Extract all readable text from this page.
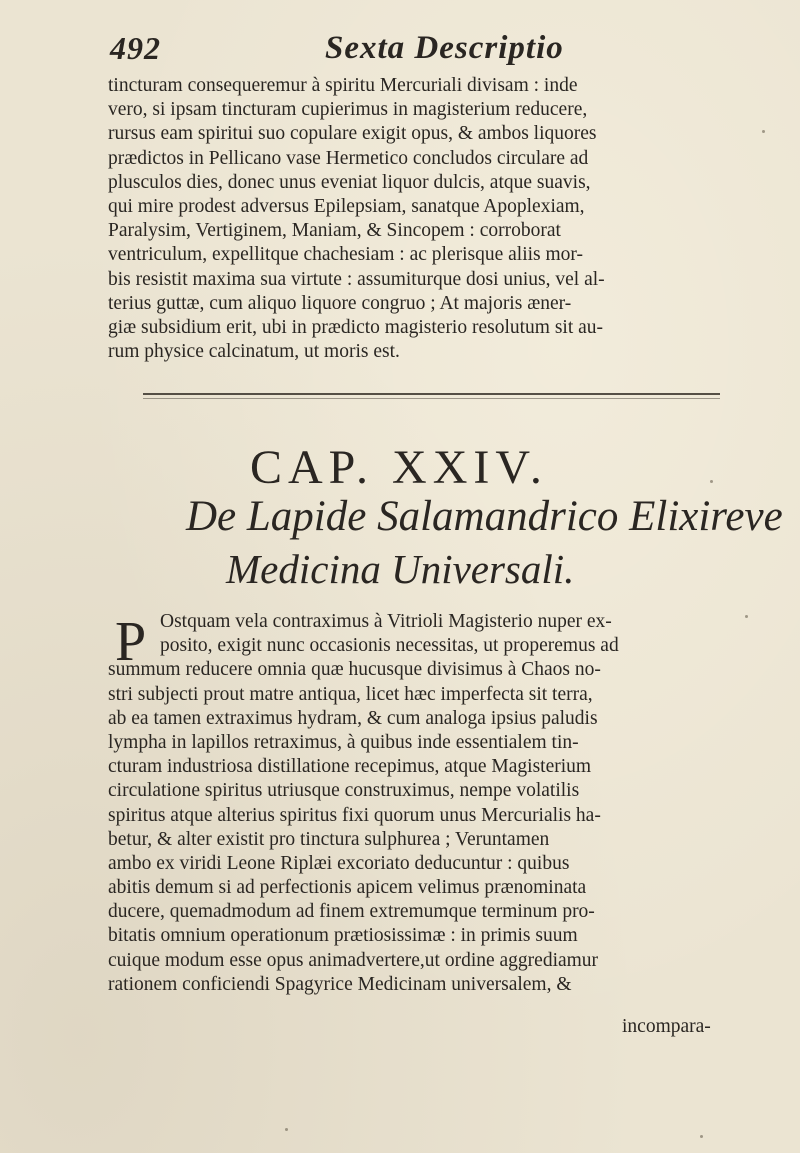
492	Sexta Descriptio
tincturam consequeremur à spiritu Mercuriali divisam : inde
vero, si ipsam tincturam cupierimus in magisterium reducere,
rursus eam spiritui suo copulare exigit opus, & ambos liquores
prædictos in Pellicano vase Hermetico concludos circulare ad
plusculos dies, donec unus eveniat liquor dulcis, atque suavis,
qui mire prodest adversus Epilepsiam, sanatque Apoplexiam,
Paralysim, Vertiginem, Maniam, & Sincopem : corroborat
ventriculum, expellitque chachesiam : ac plerisque aliis mor-
bis resistit maxima sua virtute : assumiturque dosi unius, vel al-
terius guttæ, cum aliquo liquore congruo ; At majoris æner-
giæ subsidium erit, ubi in prædicto magisterio resolutum sit au-
rum physice calcinatum, ut moris est.
CAP. XXIV.
De Lapide Salamandrico Elixireve
Medicina Universali.
P Ostquam vela contraximus à Vitrioli Magisterio nuper ex-
posito, exigit nunc occasionis necessitas, ut properemus ad
summum reducere omnia quæ hucusque divisimus à Chaos no-
stri subjecti prout matre antiqua, licet hæc imperfecta sit terra,
ab ea tamen extraximus hydram, & cum analoga ipsius paludis
lympha in lapillos retraximus, à quibus inde essentialem tin-
cturam industriosa distillatione recepimus, atque Magisterium
circulatione spiritus utriusque construximus, nempe volatilis
spiritus atque alterius spiritus fixi quorum unus Mercurialis ha-
betur, & alter existit pro tinctura sulphurea ; Veruntamen
ambo ex viridi Leone Riplæi excoriato deducuntur : quibus
abitis demum si ad perfectionis apicem velimus prænominata
ducere, quemadmodum ad finem extremumque terminum pro-
bitatis omnium operationum prætiosissimæ : in primis suum
cuique modum esse opus animadvertere,ut ordine aggrediamur
rationem conficiendi Spagyrice Medicinam universalem, &
incompara-
